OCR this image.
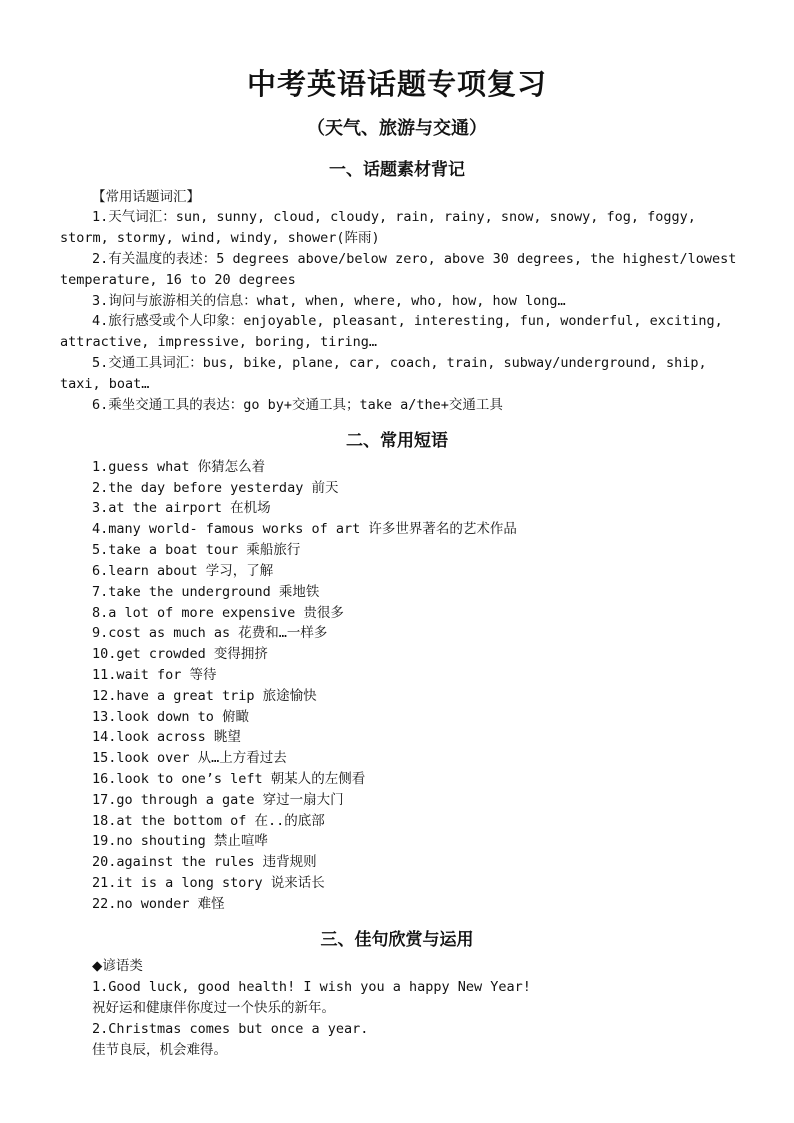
中考英语话题专项复习
（天气、旅游与交通）
一、话题素材背记
【常用话题词汇】
1.天气词汇：sun, sunny, cloud, cloudy, rain, rainy, snow, snowy, fog, foggy,
storm, stormy, wind, windy, shower(阵雨)
2.有关温度的表述：5 degrees above/below zero, above 30 degrees, the highest/lowest
temperature, 16 to 20 degrees
3.询问与旅游相关的信息：what, when, where, who, how, how long…
4.旅行感受或个人印象：enjoyable, pleasant, interesting, fun, wonderful, exciting,
attractive, impressive, boring, tiring…
5.交通工具词汇：bus, bike, plane, car, coach, train, subway/underground, ship,
taxi, boat…
6.乘坐交通工具的表达：go by+交通工具；take a/the+交通工具
二、常用短语
1.guess what 你猜怎么着
2.the day before yesterday 前天
3.at the airport 在机场
4.many world- famous works of art 许多世界著名的艺术作品
5.take a boat tour 乘船旅行
6.learn about 学习，了解
7.take the underground 乘地铁
8.a lot of more expensive 贵很多
9.cost as much as 花费和…一样多
10.get crowded 变得拥挤
11.wait for 等待
12.have a great trip 旅途愉快
13.look down to 俯瞰
14.look across 眺望
15.look over 从…上方看过去
16.look to one’s left 朝某人的左侧看
17.go through a gate 穿过一扇大门
18.at the bottom of 在..的底部
19.no shouting 禁止喧哗
20.against the rules 违背规则
21.it is a long story 说来话长
22.no wonder 难怪
三、佳句欣赏与运用
◆谚语类
1.Good luck, good health! I wish you a happy New Year!
祝好运和健康伴你度过一个快乐的新年。
2.Christmas comes but once a year.
佳节良辰，机会难得。
